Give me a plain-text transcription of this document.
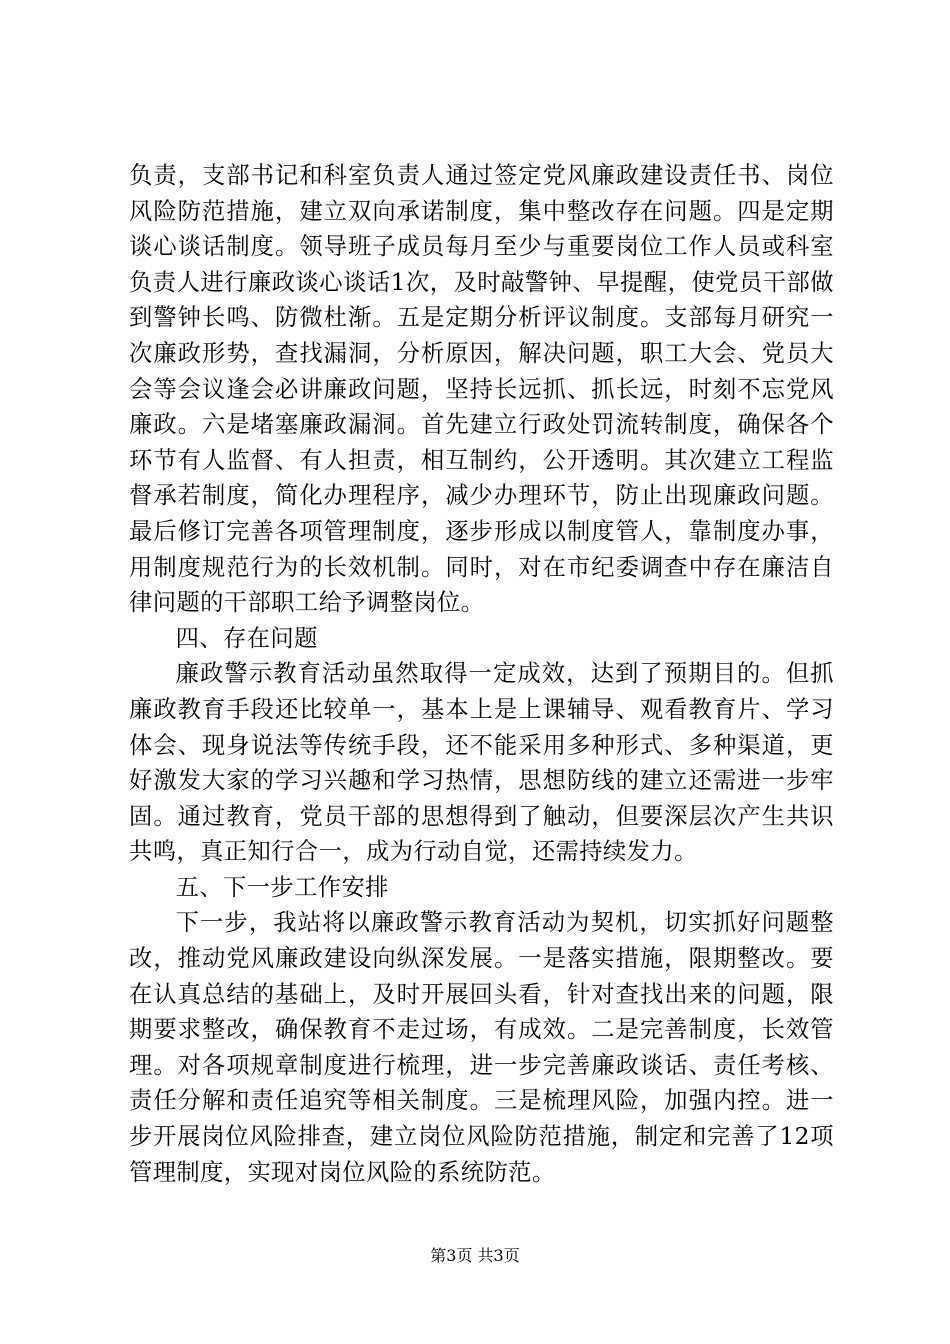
负责，支部书记和科室负责人通过签定党风廉政建设责任书、岗位风险防范措施，建立双向承诺制度，集中整改存在问题。四是定期谈心谈话制度。领导班子成员每月至少与重要岗位工作人员或科室负责人进行廉政谈心谈话1次，及时敲警钟、早提醒，使党员干部做到警钟长鸣、防微杜渐。五是定期分析评议制度。支部每月研究一次廉政形势，查找漏洞，分析原因，解决问题，职工大会、党员大会等会议逢会必讲廉政问题，坚持长远抓、抓长远，时刻不忘党风廉政。六是堵塞廉政漏洞。首先建立行政处罚流转制度，确保各个环节有人监督、有人担责，相互制约，公开透明。其次建立工程监督承若制度，简化办理程序，减少办理环节，防止出现廉政问题。最后修订完善各项管理制度，逐步形成以制度管人，靠制度办事，用制度规范行为的长效机制。同时，对在市纪委调查中存在廉洁自律问题的干部职工给予调整岗位。

四、存在问题

廉政警示教育活动虽然取得一定成效，达到了预期目的。但抓廉政教育手段还比较单一，基本上是上课辅导、观看教育片、学习体会、现身说法等传统手段，还不能采用多种形式、多种渠道，更好激发大家的学习兴趣和学习热情，思想防线的建立还需进一步牢固。通过教育，党员干部的思想得到了触动，但要深层次产生共识共鸣，真正知行合一，成为行动自觉，还需持续发力。

五、下一步工作安排

下一步，我站将以廉政警示教育活动为契机，切实抓好问题整改，推动党风廉政建设向纵深发展。一是落实措施，限期整改。要在认真总结的基础上，及时开展回头看，针对查找出来的问题，限期要求整改，确保教育不走过场，有成效。二是完善制度，长效管理。对各项规章制度进行梳理，进一步完善廉政谈话、责任考核、责任分解和责任追究等相关制度。三是梳理风险，加强内控。进一步开展岗位风险排查，建立岗位风险防范措施，制定和完善了12项管理制度，实现对岗位风险的系统防范。

第3页 共3页
